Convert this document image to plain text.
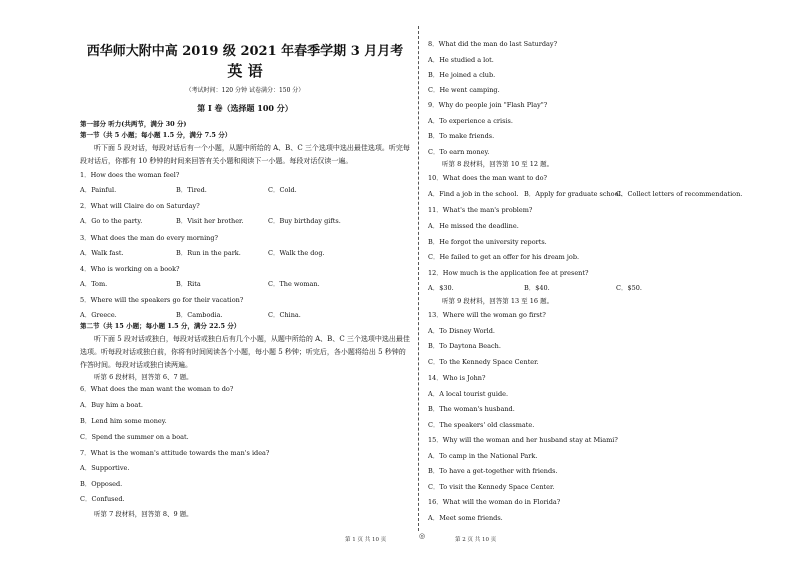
西华师大附中高 2019 级 2021 年春季学期 3 月月考
英 语
（考试时间：120 分钟 试卷满分：150 分）
第 I 卷（选择题 100 分）
第一部分 听力(共两节，满分 30 分)
第一节（共 5 小题；每小题 1.5 分，满分 7.5 分）
听下面 5 段对话，每段对话后有一个小题，从题中所给的 A、B、C 三个选项中选出最佳选项。听完每段对话后，你都有 10 秒钟的时间来回答有关小题和阅读下一小题。每段对话仅读一遍。
1．How does the woman feel?
A．Painful.	B．Tired.	C．Cold.
2．What will Claire do on Saturday?
A．Go to the party.	B．Visit her brother.	C．Buy birthday gifts.
3．What does the man do every morning?
A．Walk fast.	B．Run in the park.	C．Walk the dog.
4．Who is working on a book?
A．Tom.	B．Rita	C．The woman.
5．Where will the speakers go for their vacation?
A．Greece.	B．Cambodia.	C．China.
第二节（共 15 小题；每小题 1.5 分，满分 22.5 分）
听下面 5 段对话或独白，每段对话或独白后有几个小题，从题中所给的 A、B、C 三个选项中选出最佳选项。听每段对话或独白前，你将有时间阅读各个小题，每小题 5 秒钟；听完后，各小题将给出 5 秒钟的作答时间。每段对话或独白读两遍。
听第 6 段材料，回答第 6、7 题。
6．What does the man want the woman to do?
A．Buy him a boat.
B．Lend him some money.
C．Spend the summer on a boat.
7．What is the woman's attitude towards the man's idea?
A．Supportive.
B．Opposed.
C．Confused.
听第 7 段材料，回答第 8、9 题。
8．What did the man do last Saturday?
A．He studied a lot.
B．He joined a club.
C．He went camping.
9．Why do people join "Flash Play"?
A．To experience a crisis.
B．To make friends.
C．To earn money.
听第 8 段材料，回答第 10 至 12 题。
10．What does the man want to do?
A．Find a job in the school. B．Apply for graduate school.
C．Collect letters of recommendation.
11．What's the man's problem?
A．He missed the deadline.
B．He forgot the university reports.
C．He failed to get an offer for his dream job.
12．How much is the application fee at present?
A．$30.	B．$40.	C．$50.
听第 9 段材料，回答第 13 至 16 题。
13．Where will the woman go first?
A．To Disney World.
B．To Daytona Beach.
C．To the Kennedy Space Center.
14．Who is John?
A．A local tourist guide.
B．The woman's husband.
C．The speakers' old classmate.
15．Why will the woman and her husband stay at Miami?
A．To camp in the National Park.
B．To have a get-together with friends.
C．To visit the Kennedy Space Center.
16．What will the woman do in Florida?
A．Meet some friends.
第 1 页 共 10 页	◎	第 2 页 共 10 页
